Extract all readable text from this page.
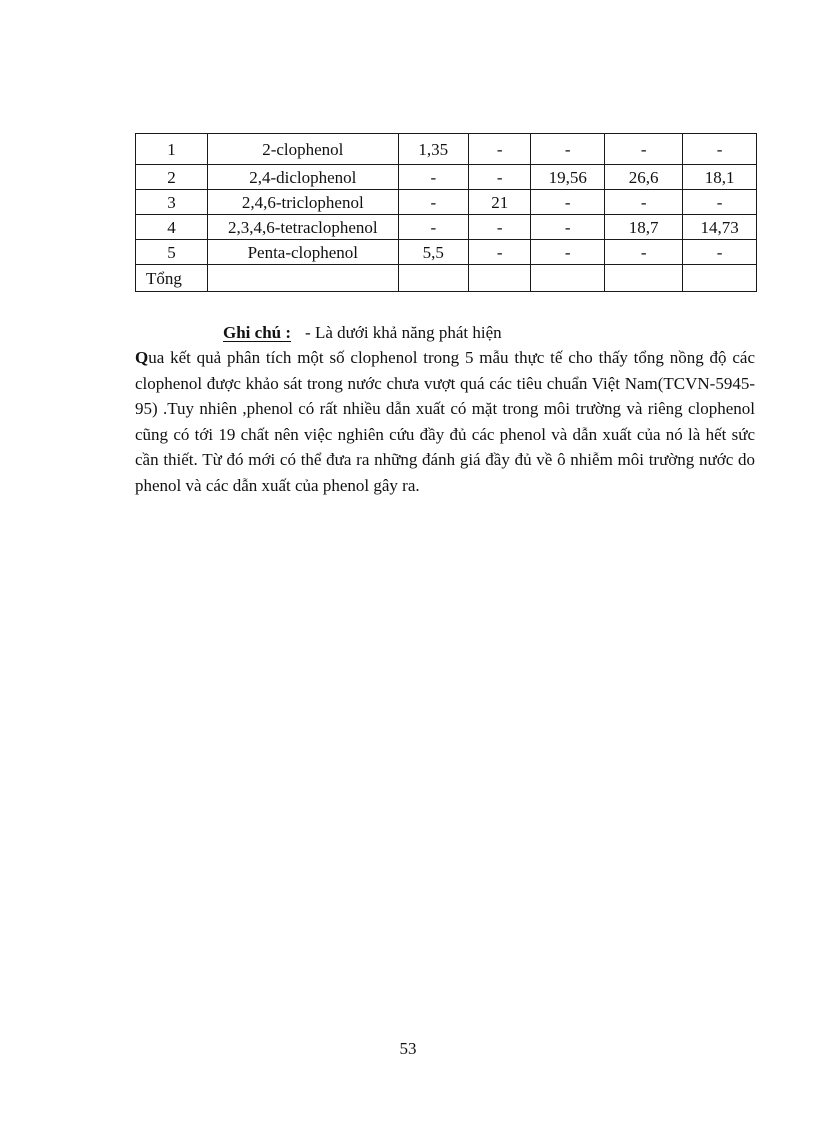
1	2-clophenol	1,35	-	-	-	-
2	2,4-diclophenol	-	-	19,56	26,6	18,1
3	2,4,6-triclophenol	-	21	-	-	-
4	2,3,4,6-tetraclophenol	-	-	-	18,7	14,73
5	Penta-clophenol	5,5	-	-	-	-
Tổng						
Ghi chú : - Là dưới khả năng phát hiện

Qua kết quả phân tích một số clophenol trong 5 mẫu thực tế cho thấy tổng nồng độ các clophenol được khảo sát trong nước chưa vượt quá các tiêu chuẩn Việt Nam(TCVN-5945-95) .Tuy nhiên ,phenol có rất nhiều dẫn xuất có mặt trong môi trường và riêng clophenol cũng có tới 19 chất nên việc nghiên cứu đầy đủ các phenol và dẫn xuất của nó là hết sức cần thiết. Từ đó mới có thể đưa ra những đánh giá đầy đủ về ô nhiễm môi trường nước do phenol và các dẫn xuất của phenol gây ra.

53
